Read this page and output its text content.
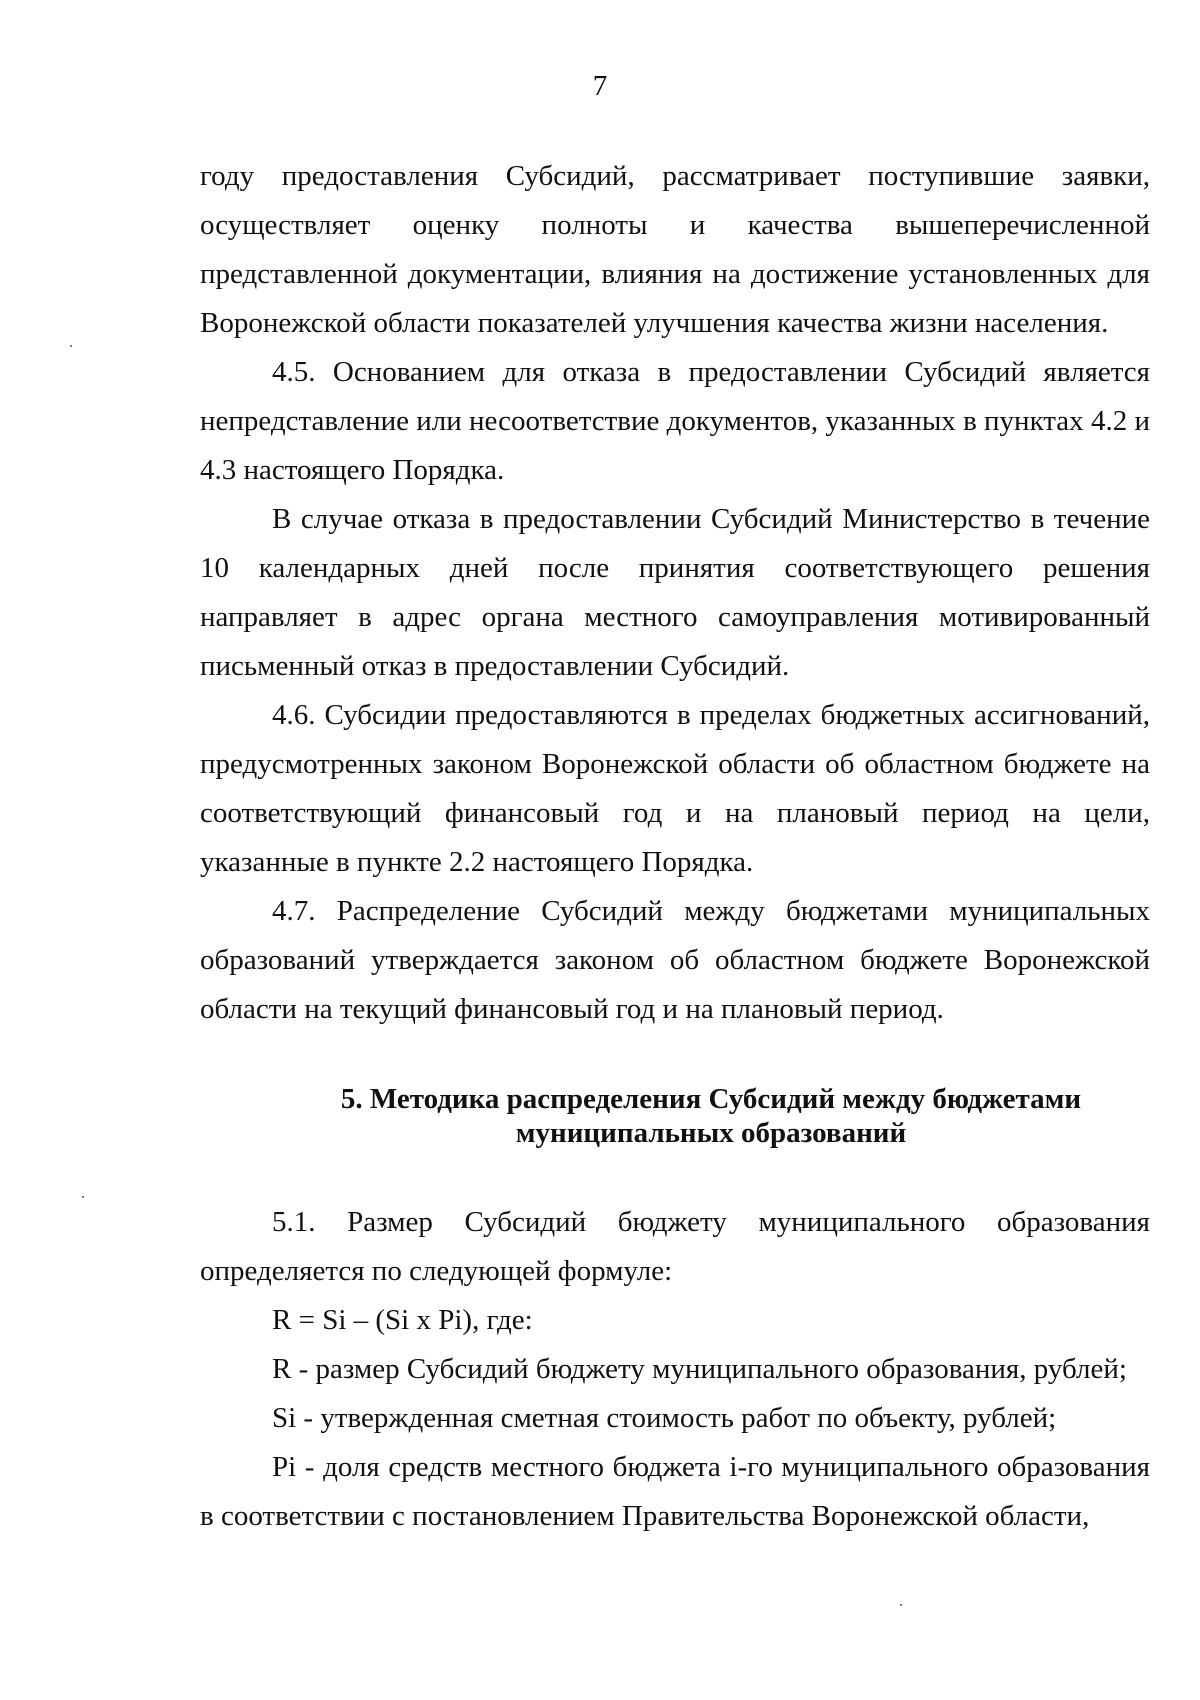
7

году предоставления Субсидий, рассматривает поступившие заявки, осуществляет оценку полноты и качества вышеперечисленной представленной документации, влияния на достижение установленных для Воронежской области показателей улучшения качества жизни населения.

4.5. Основанием для отказа в предоставлении Субсидий является непредставление или несоответствие документов, указанных в пунктах 4.2 и 4.3 настоящего Порядка.

В случае отказа в предоставлении Субсидий Министерство в течение 10 календарных дней после принятия соответствующего решения направляет в адрес органа местного самоуправления мотивированный письменный отказ в предоставлении Субсидий.

4.6. Субсидии предоставляются в пределах бюджетных ассигнований, предусмотренных законом Воронежской области об областном бюджете на соответствующий финансовый год и на плановый период на цели, указанные в пункте 2.2 настоящего Порядка.

4.7. Распределение Субсидий между бюджетами муниципальных образований утверждается законом об областном бюджете Воронежской области на текущий финансовый год и на плановый период.

5. Методика распределения Субсидий между бюджетами
муниципальных образований

5.1. Размер Субсидий бюджету муниципального образования определяется по следующей формуле:

R = Si – (Si x Pi), где:

R - размер Субсидий бюджету муниципального образования, рублей;

Si - утвержденная сметная стоимость работ по объекту, рублей;

Pi - доля средств местного бюджета i-го муниципального образования в соответствии с постановлением Правительства Воронежской области,
